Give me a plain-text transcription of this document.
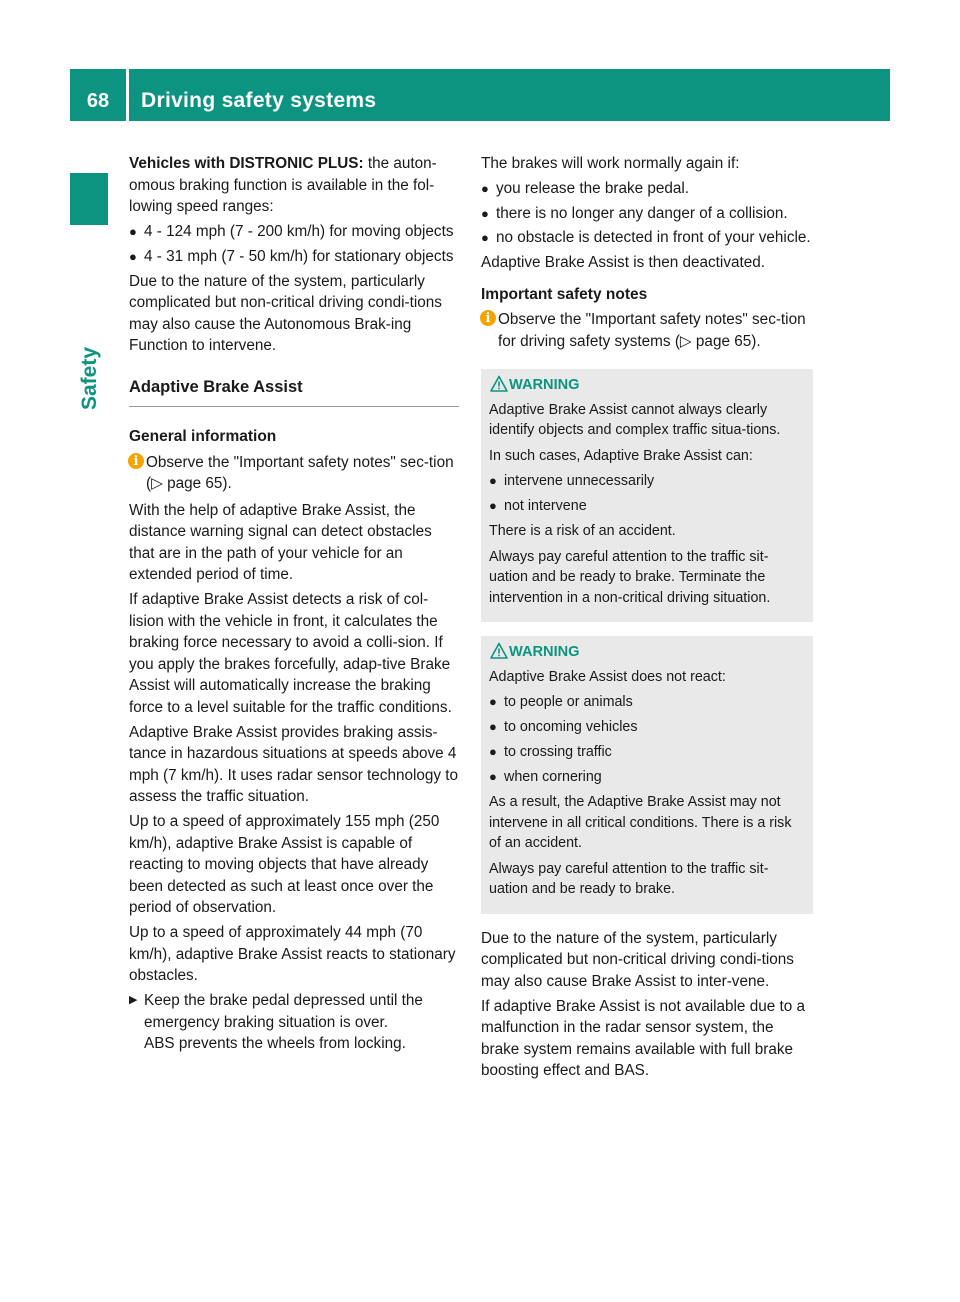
68	Driving safety systems
Safety

Vehicles with DISTRONIC PLUS: the auton-omous braking function is available in the fol-lowing speed ranges:

● 4 - 124 mph (7 - 200 km/h) for moving objects
● 4 - 31 mph (7 - 50 km/h) for stationary objects

Due to the nature of the system, particularly complicated but non-critical driving condi-tions may also cause the Autonomous Brak-ing Function to intervene.

Adaptive Brake Assist
General information
i Observe the "Important safety notes" sec-tion (▷ page 65).

With the help of adaptive Brake Assist, the distance warning signal can detect obstacles that are in the path of your vehicle for an extended period of time.

If adaptive Brake Assist detects a risk of col-lision with the vehicle in front, it calculates the braking force necessary to avoid a colli-sion. If you apply the brakes forcefully, adap-tive Brake Assist will automatically increase the braking force to a level suitable for the traffic conditions.

Adaptive Brake Assist provides braking assis-tance in hazardous situations at speeds above 4 mph (7 km/h). It uses radar sensor technology to assess the traffic situation.

Up to a speed of approximately 155 mph (250 km/h), adaptive Brake Assist is capable of reacting to moving objects that have already been detected as such at least once over the period of observation.

Up to a speed of approximately 44 mph (70 km/h), adaptive Brake Assist reacts to stationary obstacles.

▶ Keep the brake pedal depressed until the emergency braking situation is over.
ABS prevents the wheels from locking.

The brakes will work normally again if:

● you release the brake pedal.
● there is no longer any danger of a collision.
● no obstacle is detected in front of your vehicle.

Adaptive Brake Assist is then deactivated.

Important safety notes
i Observe the "Important safety notes" sec-tion for driving safety systems (▷ page 65).
WARNING

Adaptive Brake Assist cannot always clearly identify objects and complex traffic situa-tions.

In such cases, Adaptive Brake Assist can:

● intervene unnecessarily
● not intervene

There is a risk of an accident.

Always pay careful attention to the traffic sit-uation and be ready to brake. Terminate the intervention in a non-critical driving situation.

WARNING

Adaptive Brake Assist does not react:

● to people or animals
● to oncoming vehicles
● to crossing traffic
● when cornering

As a result, the Adaptive Brake Assist may not intervene in all critical conditions. There is a risk of an accident.

Always pay careful attention to the traffic sit-uation and be ready to brake.

Due to the nature of the system, particularly complicated but non-critical driving condi-tions may also cause Brake Assist to inter-vene.

If adaptive Brake Assist is not available due to a malfunction in the radar sensor system, the brake system remains available with full brake boosting effect and BAS.
